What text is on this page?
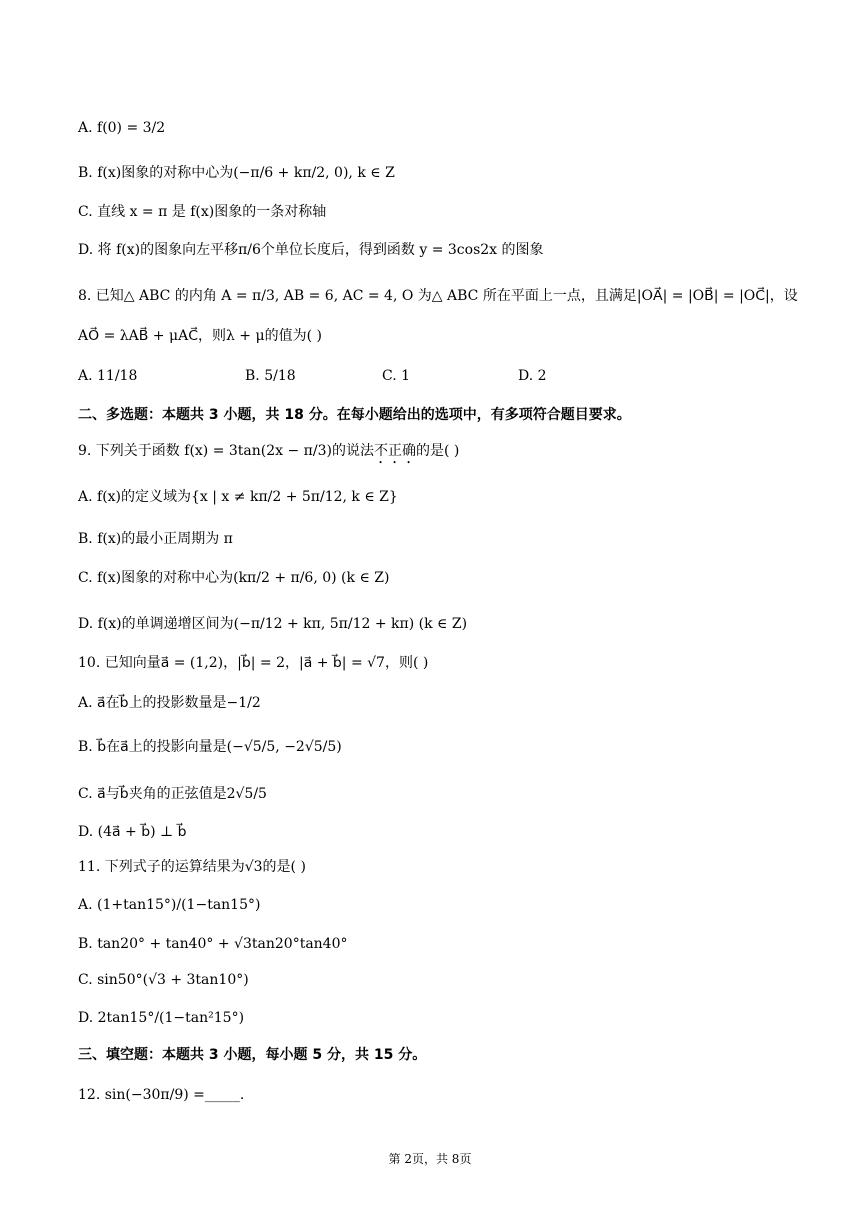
A. f(0) = 3/2
B. f(x)图象的对称中心为(−π/6 + kπ/2, 0), k ∈ Z
C. 直线 x = π 是 f(x)图象的一条对称轴
D. 将 f(x)的图象向左平移π/6个单位长度后，得到函数 y = 3cos2x 的图象
8. 已知△ ABC 的内角 A = π/3, AB = 6, AC = 4, O 为△ ABC 所在平面上一点，且满足|OA⃗| = |OB⃗| = |OC⃗|，设
AO⃗ = λAB⃗ + μAC⃗，则λ + μ的值为( )
A. 11/18	B. 5/18	C. 1	D. 2
二、多选题：本题共 3 小题，共 18 分。在每小题给出的选项中，有多项符合题目要求。
9. 下列关于函数 f(x) = 3tan(2x − π/3)的说法不正确的是( )
A. f(x)的定义域为{x | x ≠ kπ/2 + 5π/12, k ∈ Z}
B. f(x)的最小正周期为 π
C. f(x)图象的对称中心为(kπ/2 + π/6, 0) (k ∈ Z)
D. f(x)的单调递增区间为(−π/12 + kπ, 5π/12 + kπ) (k ∈ Z)
10. 已知向量a⃗ = (1,2)，|b⃗| = 2，|a⃗ + b⃗| = √7，则( )
A. a⃗在b⃗上的投影数量是−1/2
B. b⃗在a⃗上的投影向量是(−√5/5, −2√5/5)
C. a⃗与b⃗夹角的正弦值是2√5/5
D. (4a⃗ + b⃗) ⊥ b⃗
11. 下列式子的运算结果为√3的是( )
A. (1+tan15°)/(1−tan15°)
B. tan20° + tan40° + √3tan20°tan40°
C. sin50°(√3 + 3tan10°)
D. 2tan15°/(1−tan²15°)
三、填空题：本题共 3 小题，每小题 5 分，共 15 分。
12. sin(−30π/9) =_____.
第 2页，共 8页
